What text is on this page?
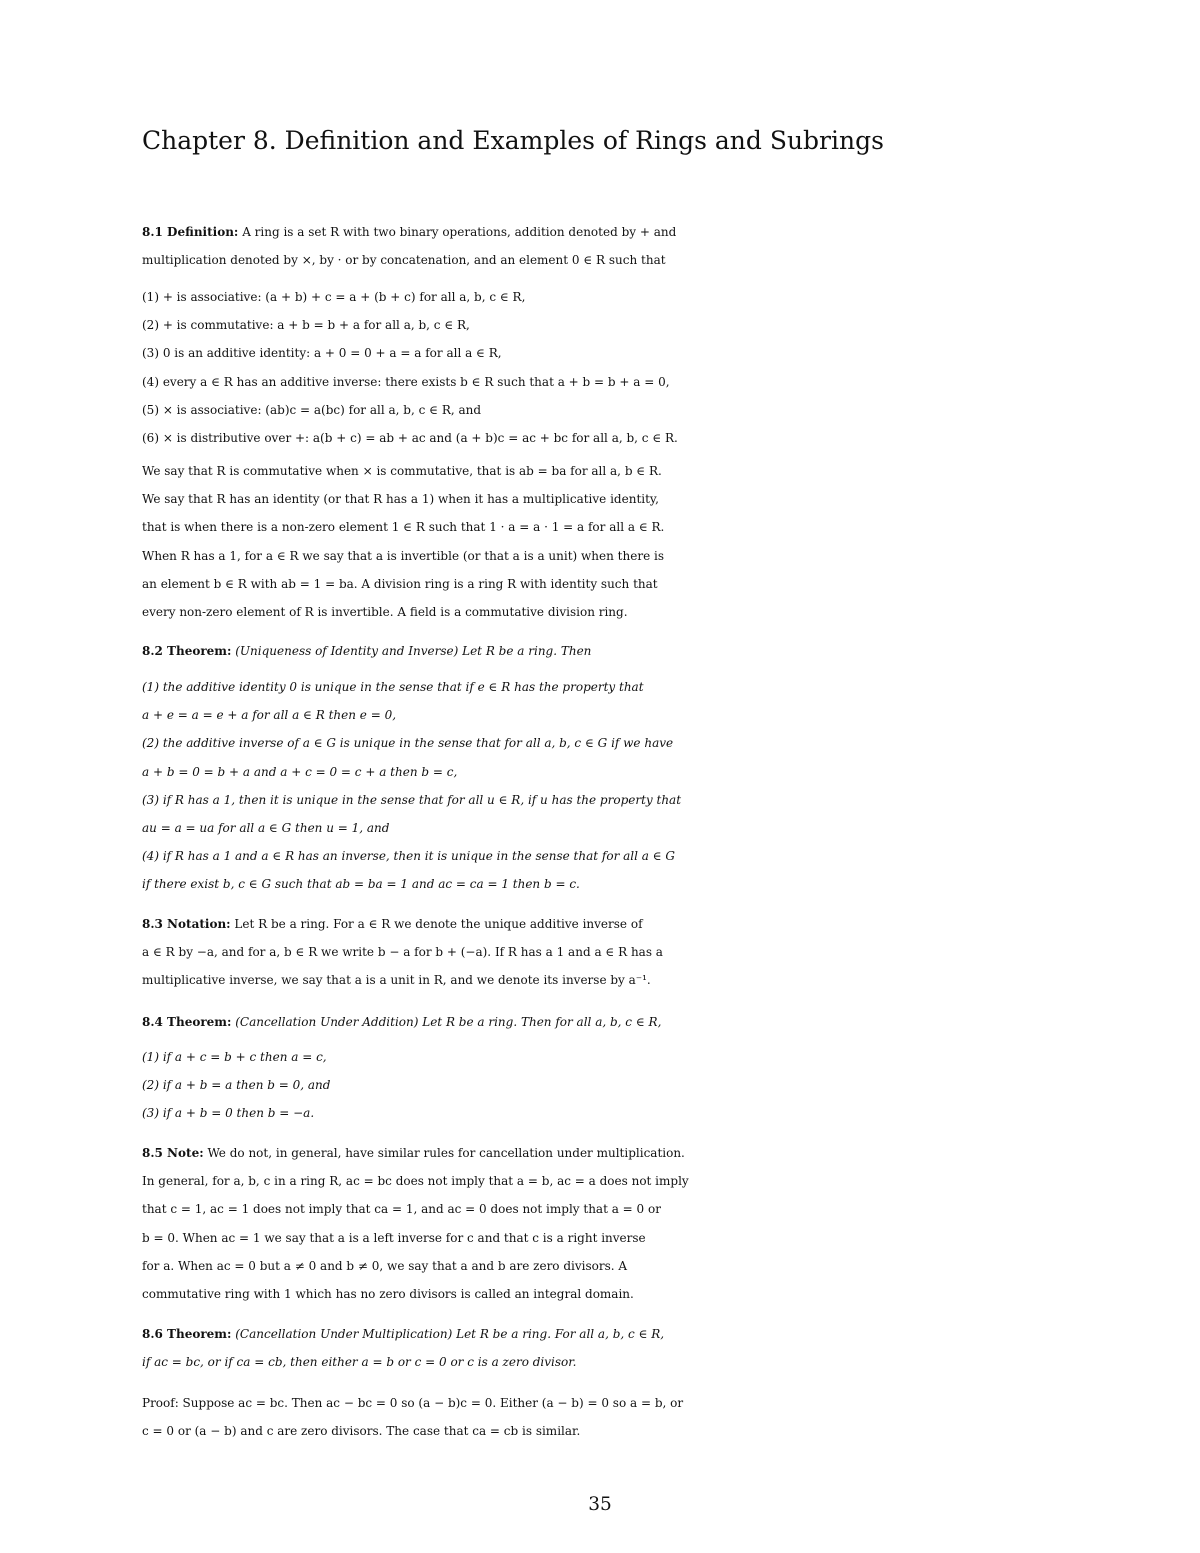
Chapter 8. Definition and Examples of Rings and Subrings
8.1 Definition: A ring is a set R with two binary operations, addition denoted by + and
multiplication denoted by ×, by · or by concatenation, and an element 0 ∈ R such that
(1) + is associative: (a + b) + c = a + (b + c) for all a, b, c ∈ R,
(2) + is commutative: a + b = b + a for all a, b, c ∈ R,
(3) 0 is an additive identity: a + 0 = 0 + a = a for all a ∈ R,
(4) every a ∈ R has an additive inverse: there exists b ∈ R such that a + b = b + a = 0,
(5) × is associative: (ab)c = a(bc) for all a, b, c ∈ R, and
(6) × is distributive over +: a(b + c) = ab + ac and (a + b)c = ac + bc for all a, b, c ∈ R.
We say that R is commutative when × is commutative, that is ab = ba for all a, b ∈ R.
We say that R has an identity (or that R has a 1) when it has a multiplicative identity,
that is when there is a non-zero element 1 ∈ R such that 1 · a = a · 1 = a for all a ∈ R.
When R has a 1, for a ∈ R we say that a is invertible (or that a is a unit) when there is
an element b ∈ R with ab = 1 = ba. A division ring is a ring R with identity such that
every non-zero element of R is invertible. A field is a commutative division ring.
8.2 Theorem: (Uniqueness of Identity and Inverse) Let R be a ring. Then
(1) the additive identity 0 is unique in the sense that if e ∈ R has the property that
a + e = a = e + a for all a ∈ R then e = 0,
(2) the additive inverse of a ∈ G is unique in the sense that for all a, b, c ∈ G if we have
a + b = 0 = b + a and a + c = 0 = c + a then b = c,
(3) if R has a 1, then it is unique in the sense that for all u ∈ R, if u has the property that
au = a = ua for all a ∈ G then u = 1, and
(4) if R has a 1 and a ∈ R has an inverse, then it is unique in the sense that for all a ∈ G
if there exist b, c ∈ G such that ab = ba = 1 and ac = ca = 1 then b = c.
8.3 Notation: Let R be a ring. For a ∈ R we denote the unique additive inverse of
a ∈ R by −a, and for a, b ∈ R we write b − a for b + (−a). If R has a 1 and a ∈ R has a
multiplicative inverse, we say that a is a unit in R, and we denote its inverse by a⁻¹.
8.4 Theorem: (Cancellation Under Addition) Let R be a ring. Then for all a, b, c ∈ R,
(1) if a + c = b + c then a = c,
(2) if a + b = a then b = 0, and
(3) if a + b = 0 then b = −a.
8.5 Note: We do not, in general, have similar rules for cancellation under multiplication.
In general, for a, b, c in a ring R, ac = bc does not imply that a = b, ac = a does not imply
that c = 1, ac = 1 does not imply that ca = 1, and ac = 0 does not imply that a = 0 or
b = 0. When ac = 1 we say that a is a left inverse for c and that c is a right inverse
for a. When ac = 0 but a ≠ 0 and b ≠ 0, we say that a and b are zero divisors. A
commutative ring with 1 which has no zero divisors is called an integral domain.
8.6 Theorem: (Cancellation Under Multiplication) Let R be a ring. For all a, b, c ∈ R,
if ac = bc, or if ca = cb, then either a = b or c = 0 or c is a zero divisor.
Proof: Suppose ac = bc. Then ac − bc = 0 so (a − b)c = 0. Either (a − b) = 0 so a = b, or
c = 0 or (a − b) and c are zero divisors. The case that ca = cb is similar.
35
